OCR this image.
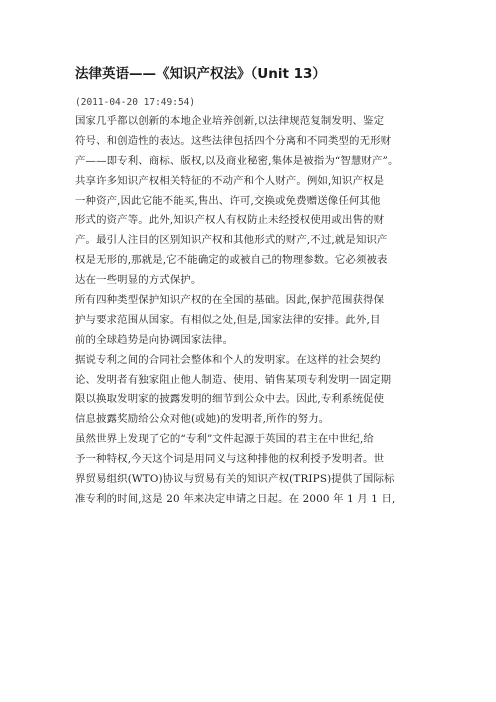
法律英语——《知识产权法》（Unit 13）
(2011-04-20 17:49:54)
国家几乎都以创新的本地企业培养创新,以法律规范复制发明、鉴定
符号、和创造性的表达。这些法律包括四个分离和不同类型的无形财
产——即专利、商标、版权,以及商业秘密,集体是被指为“智慧财产”。
共享许多知识产权相关特征的不动产和个人财产。例如,知识产权是
一种资产,因此它能不能买,售出、许可,交换或免费赠送像任何其他
形式的资产等。此外,知识产权人有权防止未经授权使用或出售的财
产。最引人注目的区别知识产权和其他形式的财产,不过,就是知识产
权是无形的,那就是,它不能确定的或被自己的物理参数。它必须被表
达在一些明显的方式保护。
所有四种类型保护知识产权的在全国的基础。因此,保护范围获得保
护与要求范围从国家。有相似之处,但是,国家法律的安排。此外,目
前的全球趋势是向协调国家法律。
据说专利之间的合同社会整体和个人的发明家。在这样的社会契约
论、发明者有独家阻止他人制造、使用、销售某项专利发明一固定期
限以换取发明家的披露发明的细节到公众中去。因此,专利系统促使
信息披露奖励给公众对他(或她)的发明者,所作的努力。
虽然世界上发现了它的“专利”文件起源于英国的君主在中世纪,给
予一种特权,今天这个词是用同义与这种排他的权利授予发明者。世
界贸易组织(WTO)协议与贸易有关的知识产权(TRIPS)提供了国际标
准专利的时间,这是 20 年来决定申请之日起。在 2000 年 1 月 1 日,
